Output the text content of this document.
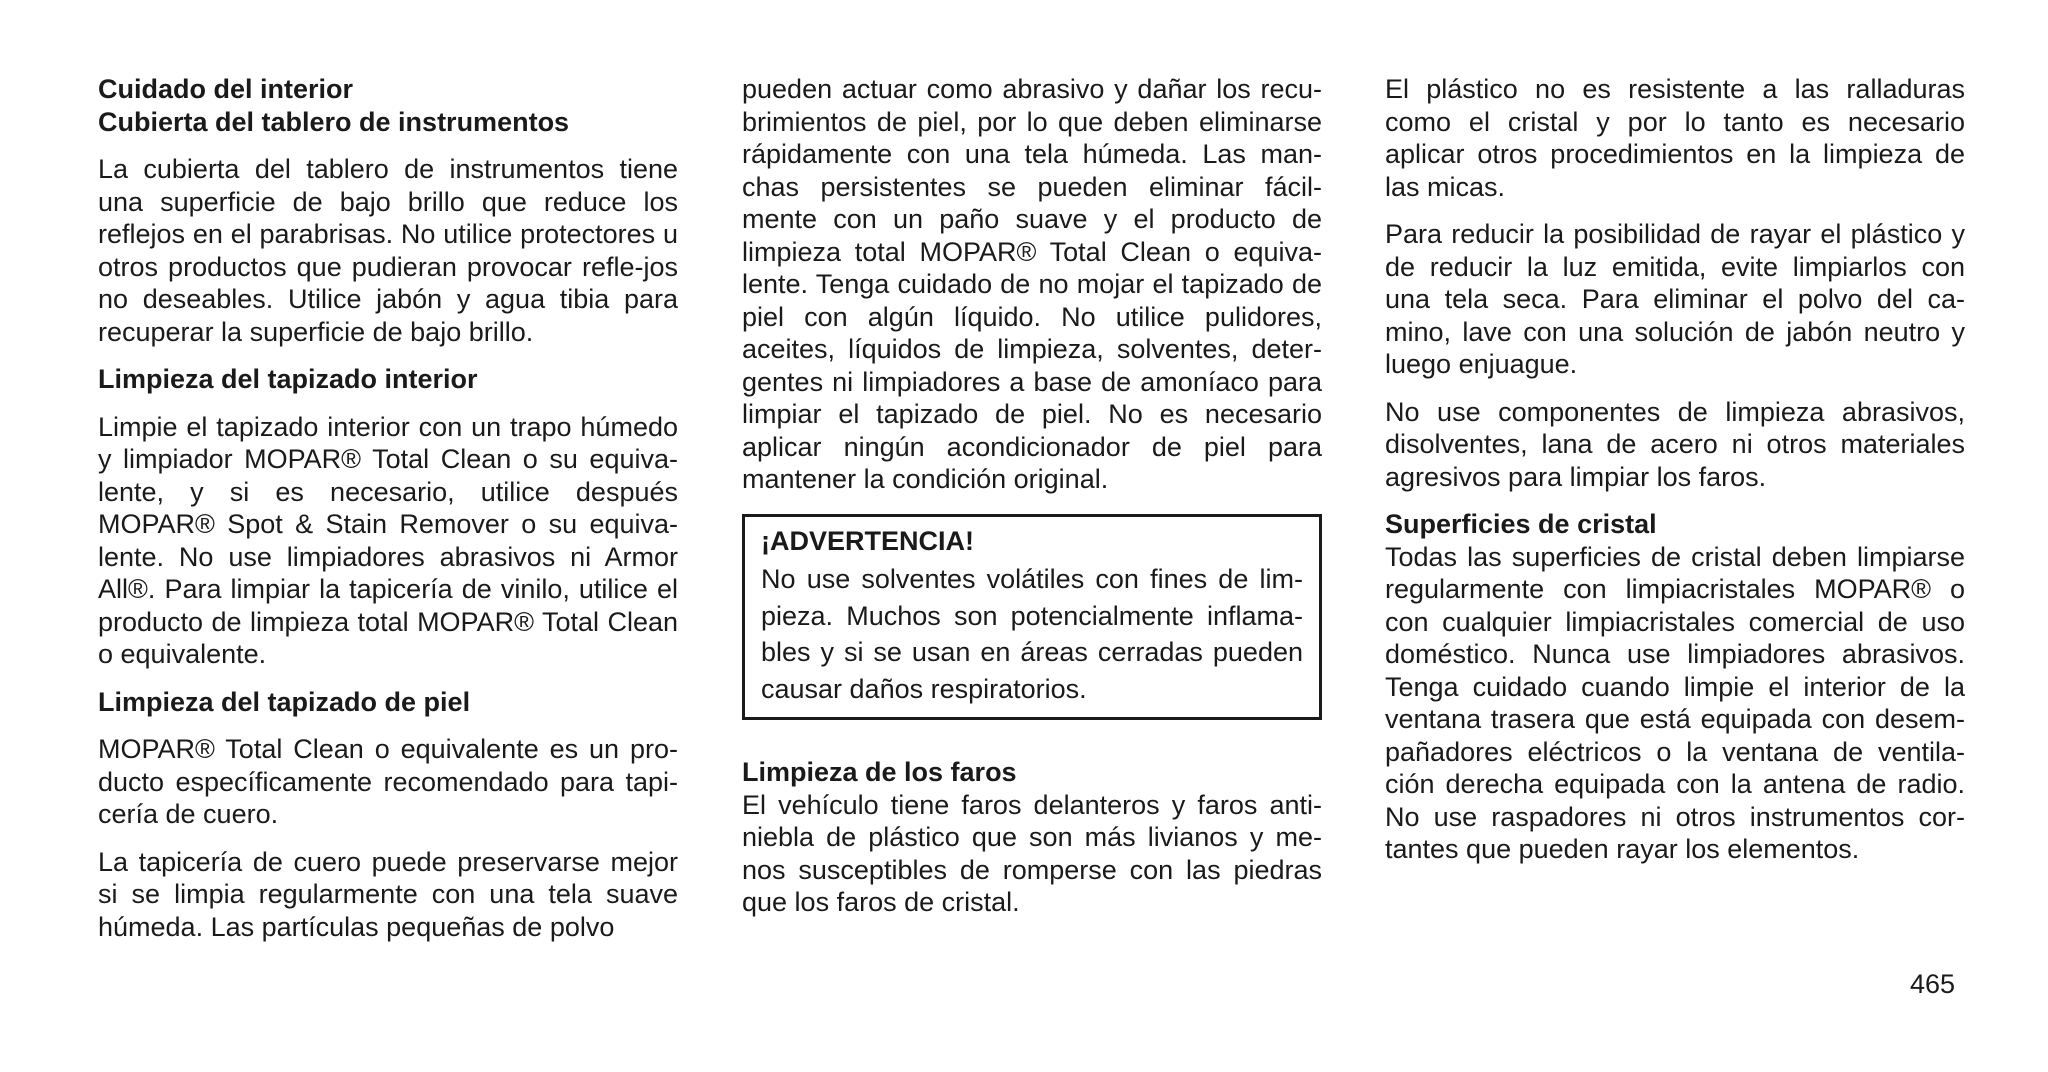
Cuidado del interior

Cubierta del tablero de instrumentos

La cubierta del tablero de instrumentos tiene una superficie de bajo brillo que reduce los reflejos en el parabrisas. No utilice protectores u otros productos que pudieran provocar refle-jos no deseables. Utilice jabón y agua tibia para recuperar la superficie de bajo brillo.

Limpieza del tapizado interior

Limpie el tapizado interior con un trapo húmedo y limpiador MOPAR® Total Clean o su equiva-lente, y si es necesario, utilice después MOPAR® Spot & Stain Remover o su equiva-lente. No use limpiadores abrasivos ni Armor All®. Para limpiar la tapicería de vinilo, utilice el producto de limpieza total MOPAR® Total Clean o equivalente.

Limpieza del tapizado de piel

MOPAR® Total Clean o equivalente es un pro-ducto específicamente recomendado para tapi-cería de cuero.

La tapicería de cuero puede preservarse mejor si se limpia regularmente con una tela suave húmeda. Las partículas pequeñas de polvo

pueden actuar como abrasivo y dañar los recu-brimientos de piel, por lo que deben eliminarse rápidamente con una tela húmeda. Las man-chas persistentes se pueden eliminar fácil-mente con un paño suave y el producto de limpieza total MOPAR® Total Clean o equiva-lente. Tenga cuidado de no mojar el tapizado de piel con algún líquido. No utilice pulidores, aceites, líquidos de limpieza, solventes, deter-gentes ni limpiadores a base de amoníaco para limpiar el tapizado de piel. No es necesario aplicar ningún acondicionador de piel para mantener la condición original.

¡ADVERTENCIA!

No use solventes volátiles con fines de lim-pieza. Muchos son potencialmente inflama-bles y si se usan en áreas cerradas pueden causar daños respiratorios.

Limpieza de los faros

El vehículo tiene faros delanteros y faros anti-niebla de plástico que son más livianos y me-nos susceptibles de romperse con las piedras que los faros de cristal.

El plástico no es resistente a las ralladuras como el cristal y por lo tanto es necesario aplicar otros procedimientos en la limpieza de las micas.

Para reducir la posibilidad de rayar el plástico y de reducir la luz emitida, evite limpiarlos con una tela seca. Para eliminar el polvo del ca-mino, lave con una solución de jabón neutro y luego enjuague.

No use componentes de limpieza abrasivos, disolventes, lana de acero ni otros materiales agresivos para limpiar los faros.

Superficies de cristal

Todas las superficies de cristal deben limpiarse regularmente con limpiacristales MOPAR® o con cualquier limpiacristales comercial de uso doméstico. Nunca use limpiadores abrasivos. Tenga cuidado cuando limpie el interior de la ventana trasera que está equipada con desem-pañadores eléctricos o la ventana de ventila-ción derecha equipada con la antena de radio. No use raspadores ni otros instrumentos cor-tantes que pueden rayar los elementos.

465
